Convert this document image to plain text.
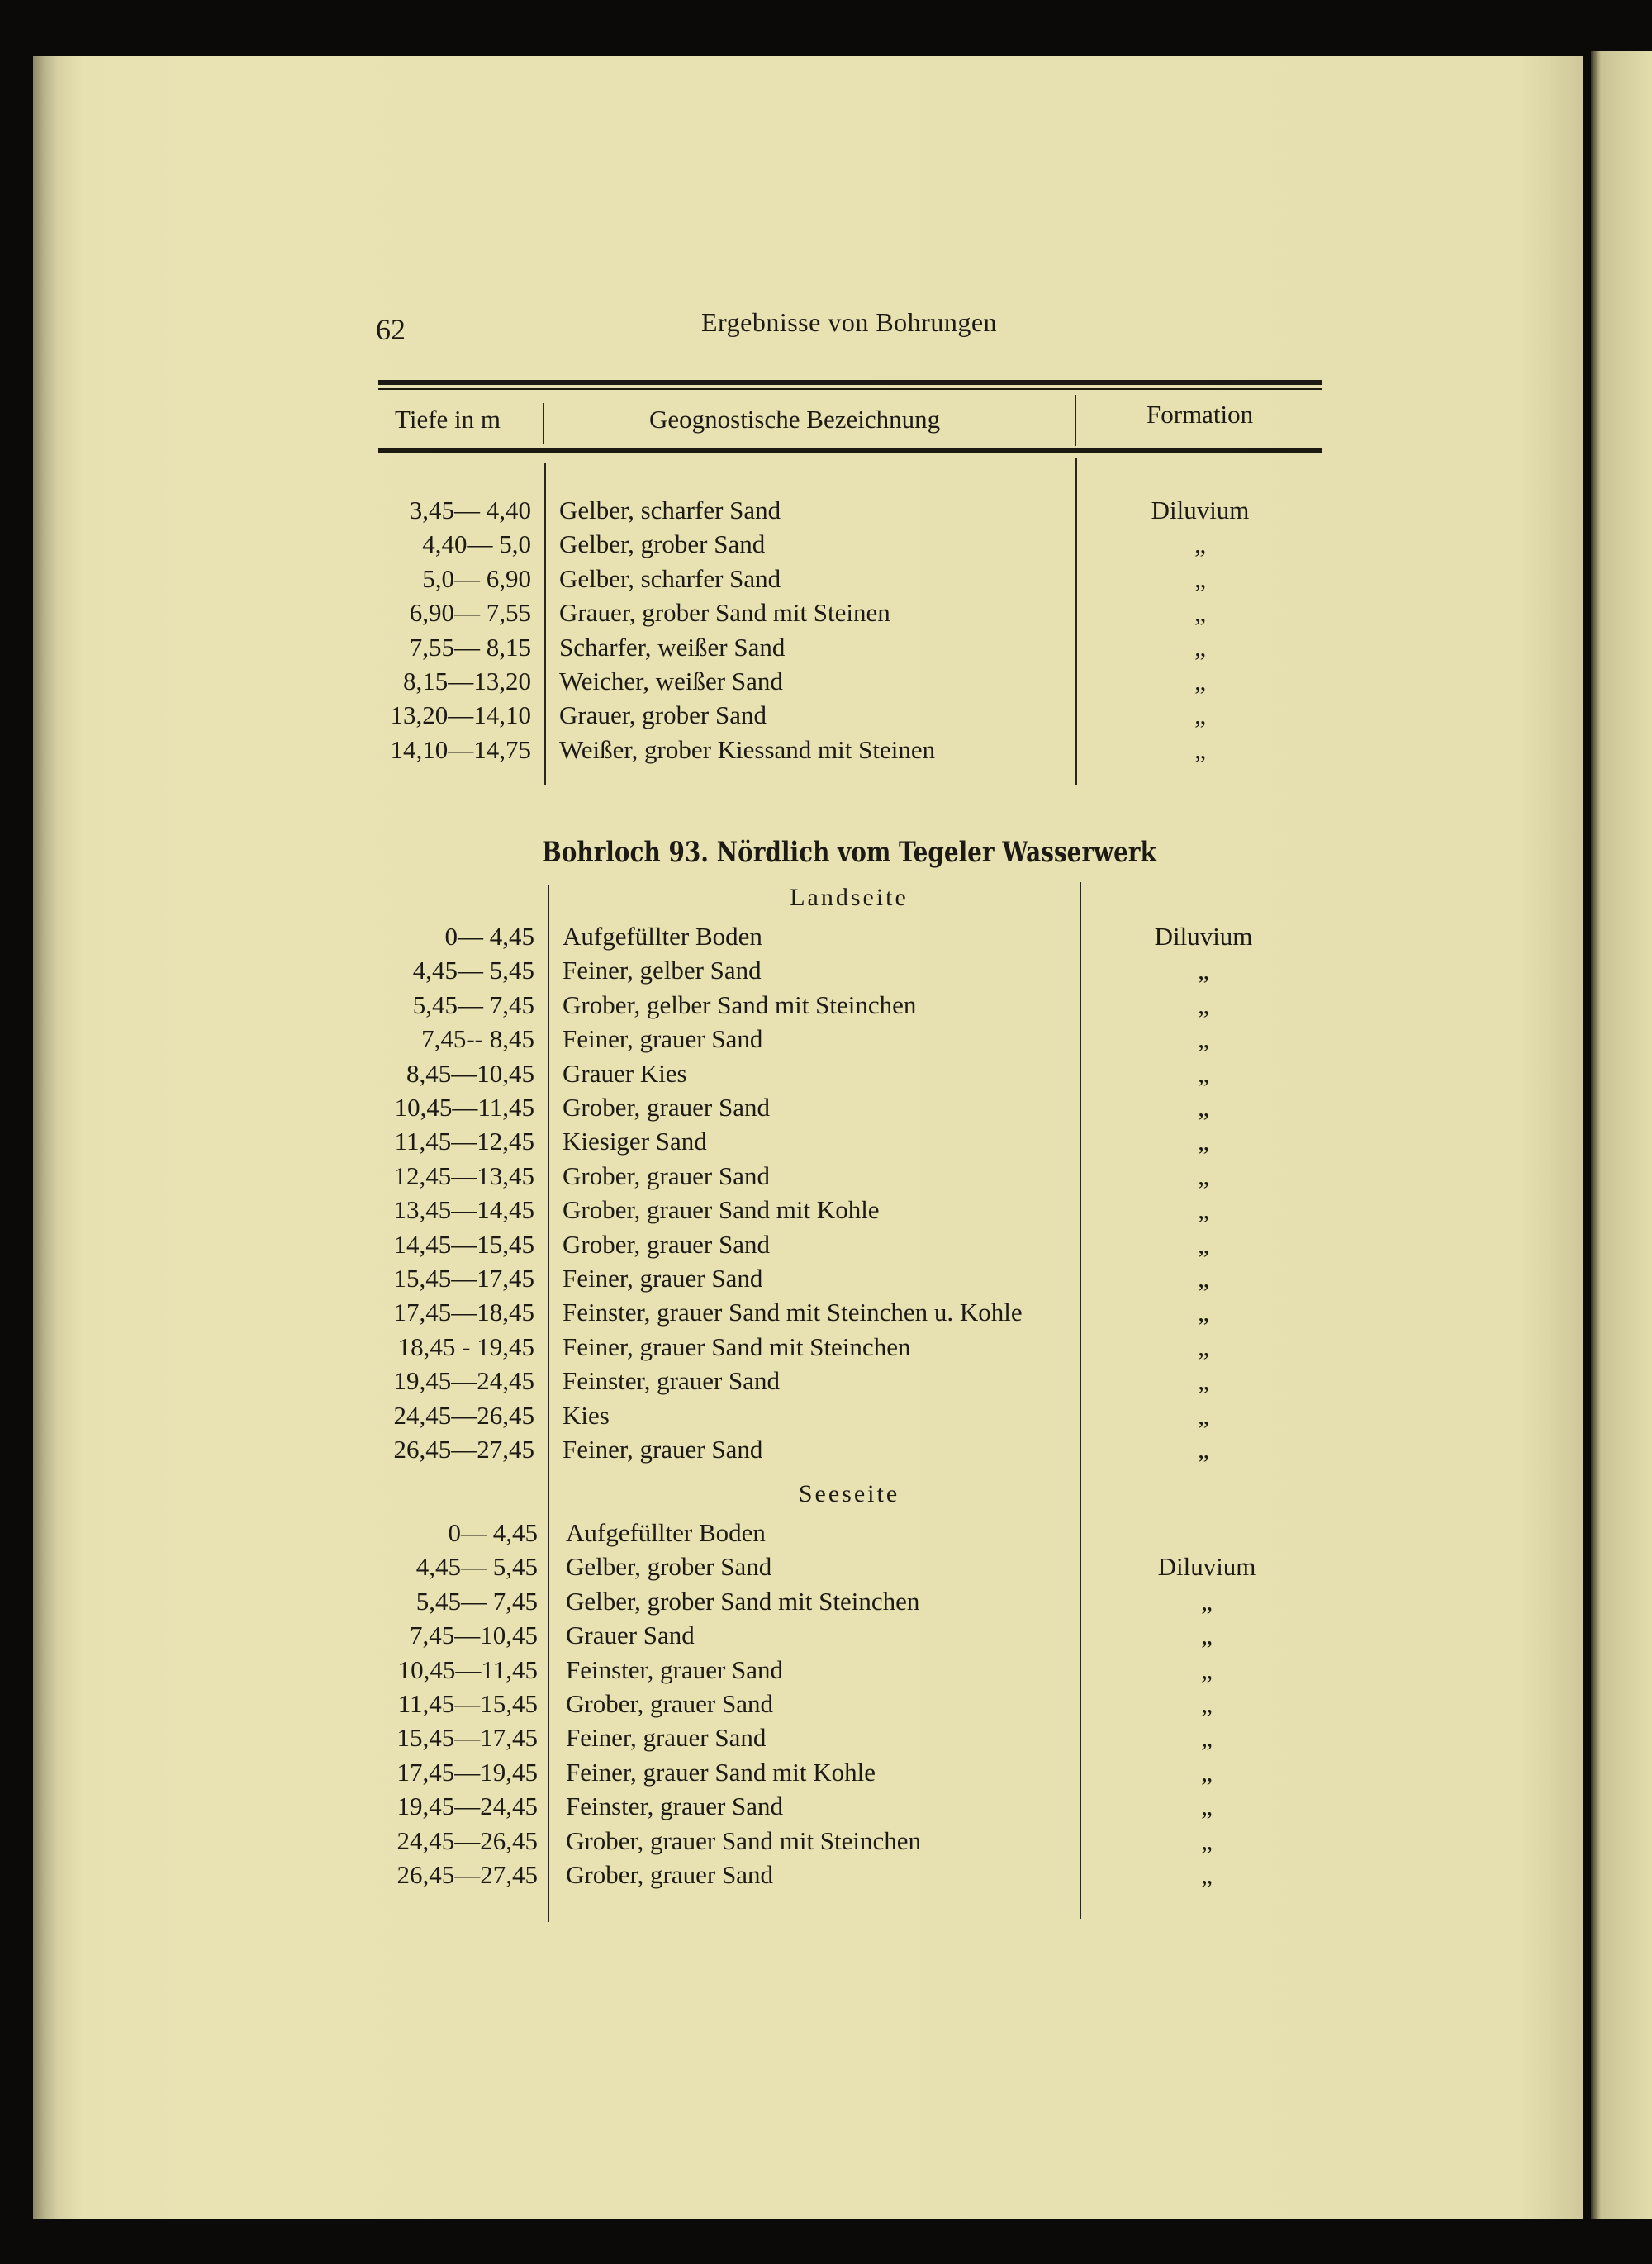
62	Ergebnisse von Bohrungen
Tiefe in m	Geognostische Bezeichnung	Formation
3,45— 4,40 Gelber, scharfer Sand	Diluvium
4,40— 5,0 Gelber, grober Sand	„
5,0— 6,90 Gelber, scharfer Sand	„
6,90— 7,55 Grauer, grober Sand mit Steinen	„
7,55— 8,15 Scharfer, weißer Sand	„
8,15—13,20 Weicher, weißer Sand	„
13,20—14,10 Grauer, grober Sand	„
14,10—14,75 Weißer, grober Kiessand mit Steinen	„
Bohrloch 93. Nördlich vom Tegeler Wasserwerk
Landseite
0— 4,45 Aufgefüllter Boden	Diluvium
4,45— 5,45 Feiner, gelber Sand	„
5,45— 7,45 Grober, gelber Sand mit Steinchen	„
7,45-- 8,45 Feiner, grauer Sand	„
8,45—10,45 Grauer Kies	„
10,45—11,45 Grober, grauer Sand	„
11,45—12,45 Kiesiger Sand	„
12,45—13,45 Grober, grauer Sand	„
13,45—14,45 Grober, grauer Sand mit Kohle	„
14,45—15,45 Grober, grauer Sand	„
15,45—17,45 Feiner, grauer Sand	„
17,45—18,45 Feinster, grauer Sand mit Steinchen u. Kohle	„
18,45 - 19,45 Feiner, grauer Sand mit Steinchen	„
19,45—24,45 Feinster, grauer Sand	„
24,45—26,45 Kies	„
26,45—27,45 Feiner, grauer Sand	„
Seeseite
0— 4,45 Aufgefüllter Boden
4,45— 5,45 Gelber, grober Sand	Diluvium
5,45— 7,45 Gelber, grober Sand mit Steinchen	„
7,45—10,45 Grauer Sand	„
10,45—11,45 Feinster, grauer Sand	„
11,45—15,45 Grober, grauer Sand	„
15,45—17,45 Feiner, grauer Sand	„
17,45—19,45 Feiner, grauer Sand mit Kohle	„
19,45—24,45 Feinster, grauer Sand	„
24,45—26,45 Grober, grauer Sand mit Steinchen	„
26,45—27,45 Grober, grauer Sand	„
